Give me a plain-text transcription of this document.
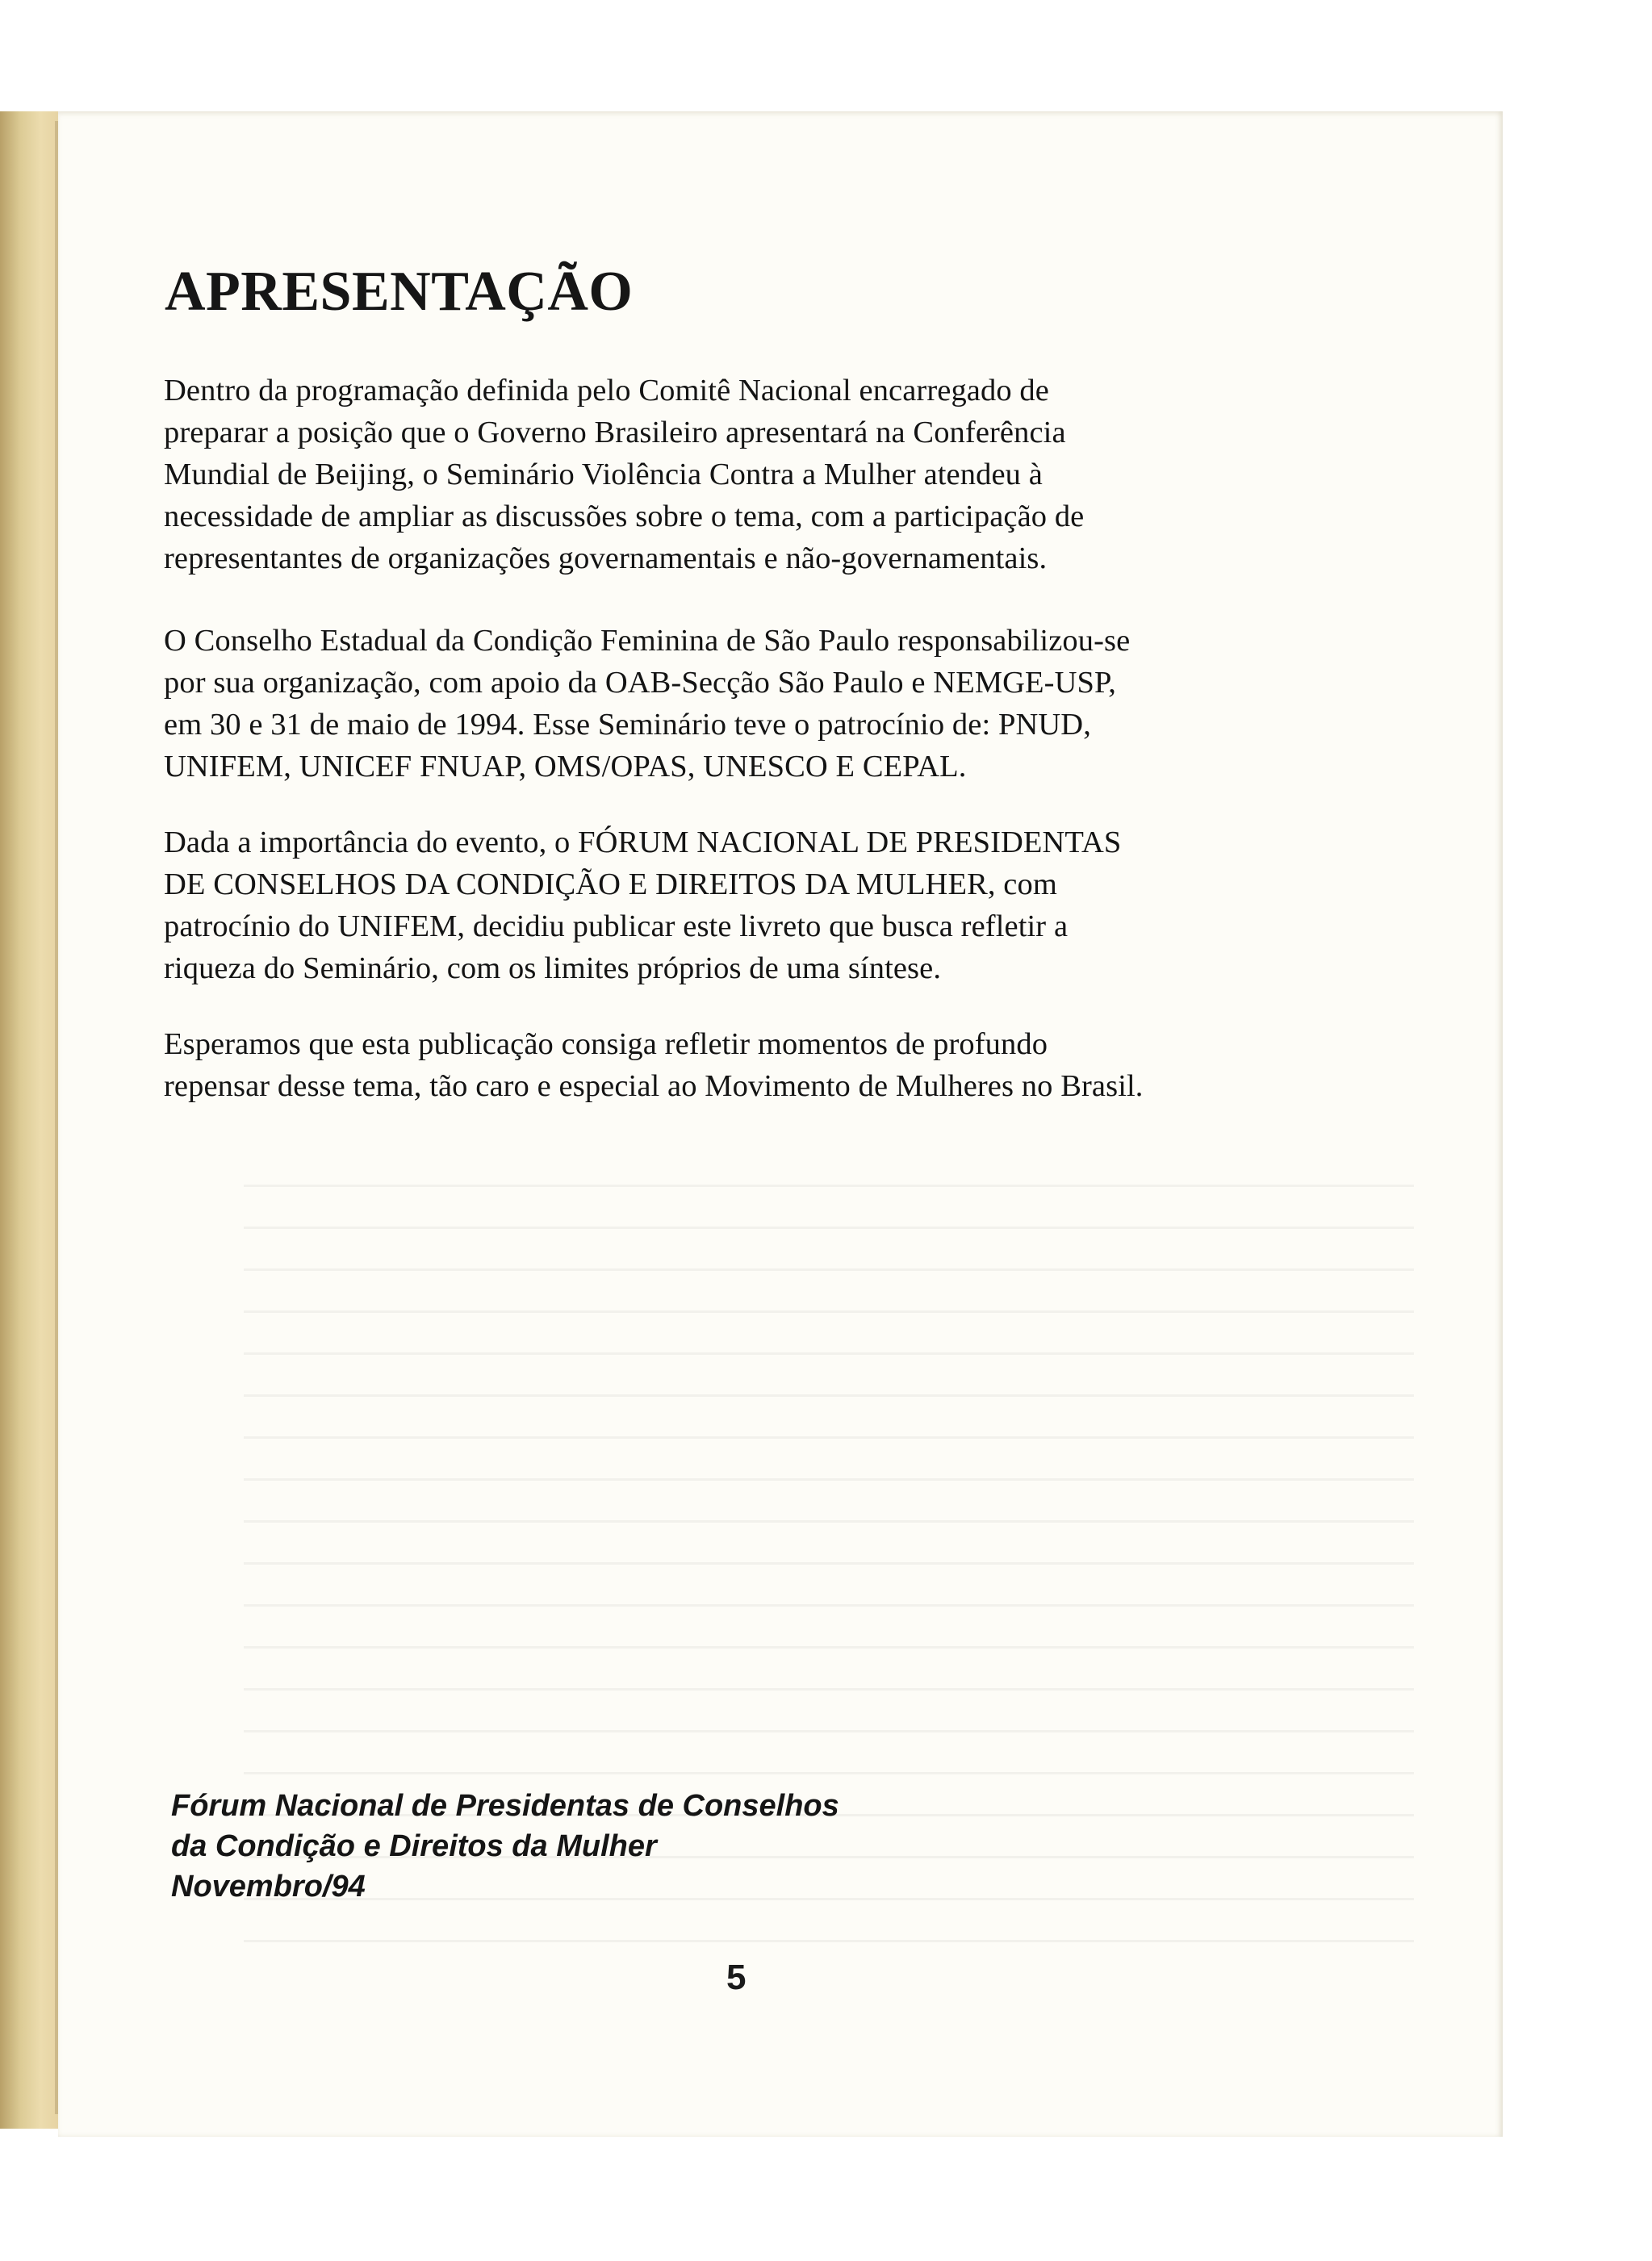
APRESENTAÇÃO

Dentro da programação definida pelo Comitê Nacional encarregado de
preparar a posição que o Governo Brasileiro apresentará na Conferência
Mundial de Beijing, o Seminário Violência Contra a Mulher atendeu à
necessidade de ampliar as discussões sobre o tema, com a participação de
representantes de organizações governamentais e não-governamentais.

O Conselho Estadual da Condição Feminina de São Paulo responsabilizou-se
por sua organização, com apoio da OAB-Secção São Paulo e NEMGE-USP,
em 30 e 31 de maio de 1994. Esse Seminário teve o patrocínio de: PNUD,
UNIFEM, UNICEF FNUAP, OMS/OPAS, UNESCO E CEPAL.

Dada a importância do evento, o FÓRUM NACIONAL DE PRESIDENTAS
DE CONSELHOS DA CONDIÇÃO E DIREITOS DA MULHER, com
patrocínio do UNIFEM, decidiu publicar este livreto que busca refletir a
riqueza do Seminário, com os limites próprios de uma síntese.

Esperamos que esta publicação consiga refletir momentos de profundo
repensar desse tema, tão caro e especial ao Movimento de Mulheres no Brasil.

Fórum Nacional de Presidentas de Conselhos
da Condição e Direitos da Mulher
Novembro/94
5
